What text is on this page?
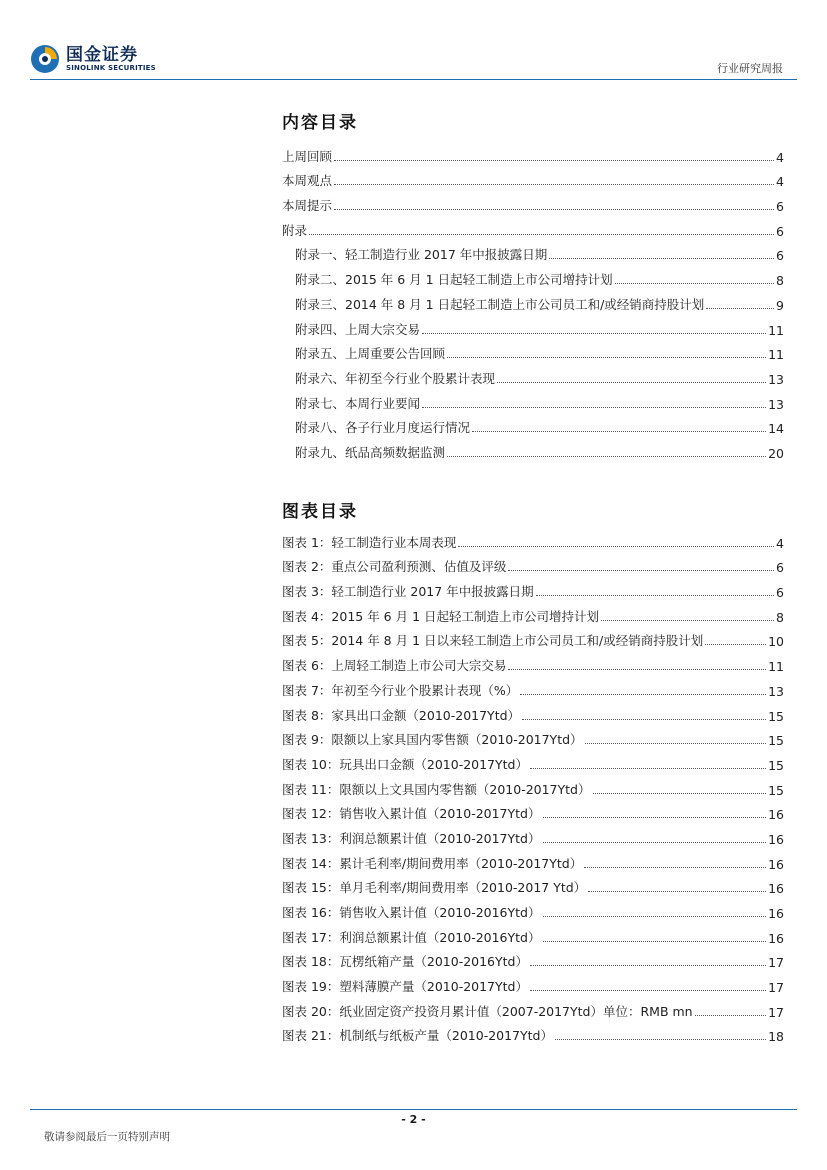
国金证券
SINOLINK SECURITIES	行业研究周报
内容目录
上周回顾	4
本周观点	4
本周提示	6
附录	6
附录一、轻工制造行业 2017 年中报披露日期	6
附录二、2015 年 6 月 1 日起轻工制造上市公司增持计划	8
附录三、2014 年 8 月 1 日起轻工制造上市公司员工和/或经销商持股计划	9
附录四、上周大宗交易	11
附录五、上周重要公告回顾	11
附录六、年初至今行业个股累计表现	13
附录七、本周行业要闻	13
附录八、各子行业月度运行情况	14
附录九、纸品高频数据监测	20
图表目录
图表 1：轻工制造行业本周表现	4
图表 2：重点公司盈利预测、估值及评级	6
图表 3：轻工制造行业 2017 年中报披露日期	6
图表 4：2015 年 6 月 1 日起轻工制造上市公司增持计划	8
图表 5：2014 年 8 月 1 日以来轻工制造上市公司员工和/或经销商持股计划	10
图表 6：上周轻工制造上市公司大宗交易	11
图表 7：年初至今行业个股累计表现（%）	13
图表 8：家具出口金额（2010-2017Ytd）	15
图表 9：限额以上家具国内零售额（2010-2017Ytd）	15
图表 10：玩具出口金额（2010-2017Ytd）	15
图表 11：限额以上文具国内零售额（2010-2017Ytd）	15
图表 12：销售收入累计值（2010-2017Ytd）	16
图表 13：利润总额累计值（2010-2017Ytd）	16
图表 14：累计毛利率/期间费用率（2010-2017Ytd）	16
图表 15：单月毛利率/期间费用率（2010-2017 Ytd）	16
图表 16：销售收入累计值（2010-2016Ytd）	16
图表 17：利润总额累计值（2010-2016Ytd）	16
图表 18：瓦楞纸箱产量（2010-2016Ytd）	17
图表 19：塑料薄膜产量（2010-2017Ytd）	17
图表 20：纸业固定资产投资月累计值（2007-2017Ytd）单位：RMB mn	17
图表 21：机制纸与纸板产量（2010-2017Ytd）	18
- 2 -
敬请参阅最后一页特别声明
